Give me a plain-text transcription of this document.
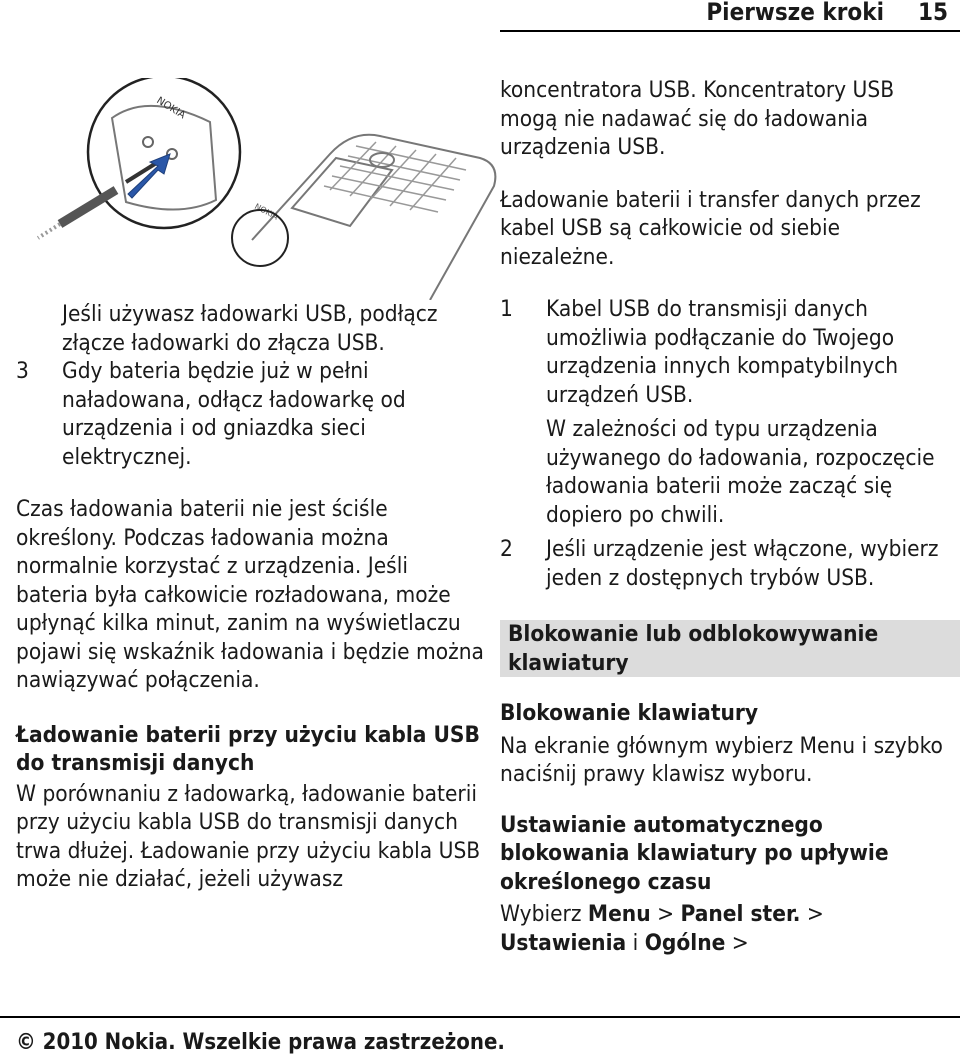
Pierwsze kroki 15
NOKIA
NOKIA

Jeśli używasz ładowarki USB, podłącz złącze ładowarki do złącza USB.

3 Gdy bateria będzie już w pełni naładowana, odłącz ładowarkę od urządzenia i od gniazdka sieci elektrycznej.

Czas ładowania baterii nie jest ściśle określony. Podczas ładowania można normalnie korzystać z urządzenia. Jeśli bateria była całkowicie rozładowana, może upłynąć kilka minut, zanim na wyświetlaczu pojawi się wskaźnik ładowania i będzie można nawiązywać połączenia.

Ładowanie baterii przy użyciu kabla USB do transmisji danych

W porównaniu z ładowarką, ładowanie baterii przy użyciu kabla USB do transmisji danych trwa dłużej. Ładowanie przy użyciu kabla USB może nie działać, jeżeli używasz

koncentratora USB. Koncentratory USB mogą nie nadawać się do ładowania urządzenia USB.

Ładowanie baterii i transfer danych przez kabel USB są całkowicie od siebie niezależne.

1 Kabel USB do transmisji danych umożliwia podłączanie do Twojego urządzenia innych kompatybilnych urządzeń USB.

W zależności od typu urządzenia używanego do ładowania, rozpoczęcie ładowania baterii może zacząć się dopiero po chwili.

2 Jeśli urządzenie jest włączone, wybierz jeden z dostępnych trybów USB.

Blokowanie lub odblokowywanie klawiatury

Blokowanie klawiatury

Na ekranie głównym wybierz Menu i szybko naciśnij prawy klawisz wyboru.

Ustawianie automatycznego blokowania klawiatury po upływie określonego czasu

Wybierz Menu > Panel ster. >
Ustawienia i Ogólne >

© 2010 Nokia. Wszelkie prawa zastrzeżone.
